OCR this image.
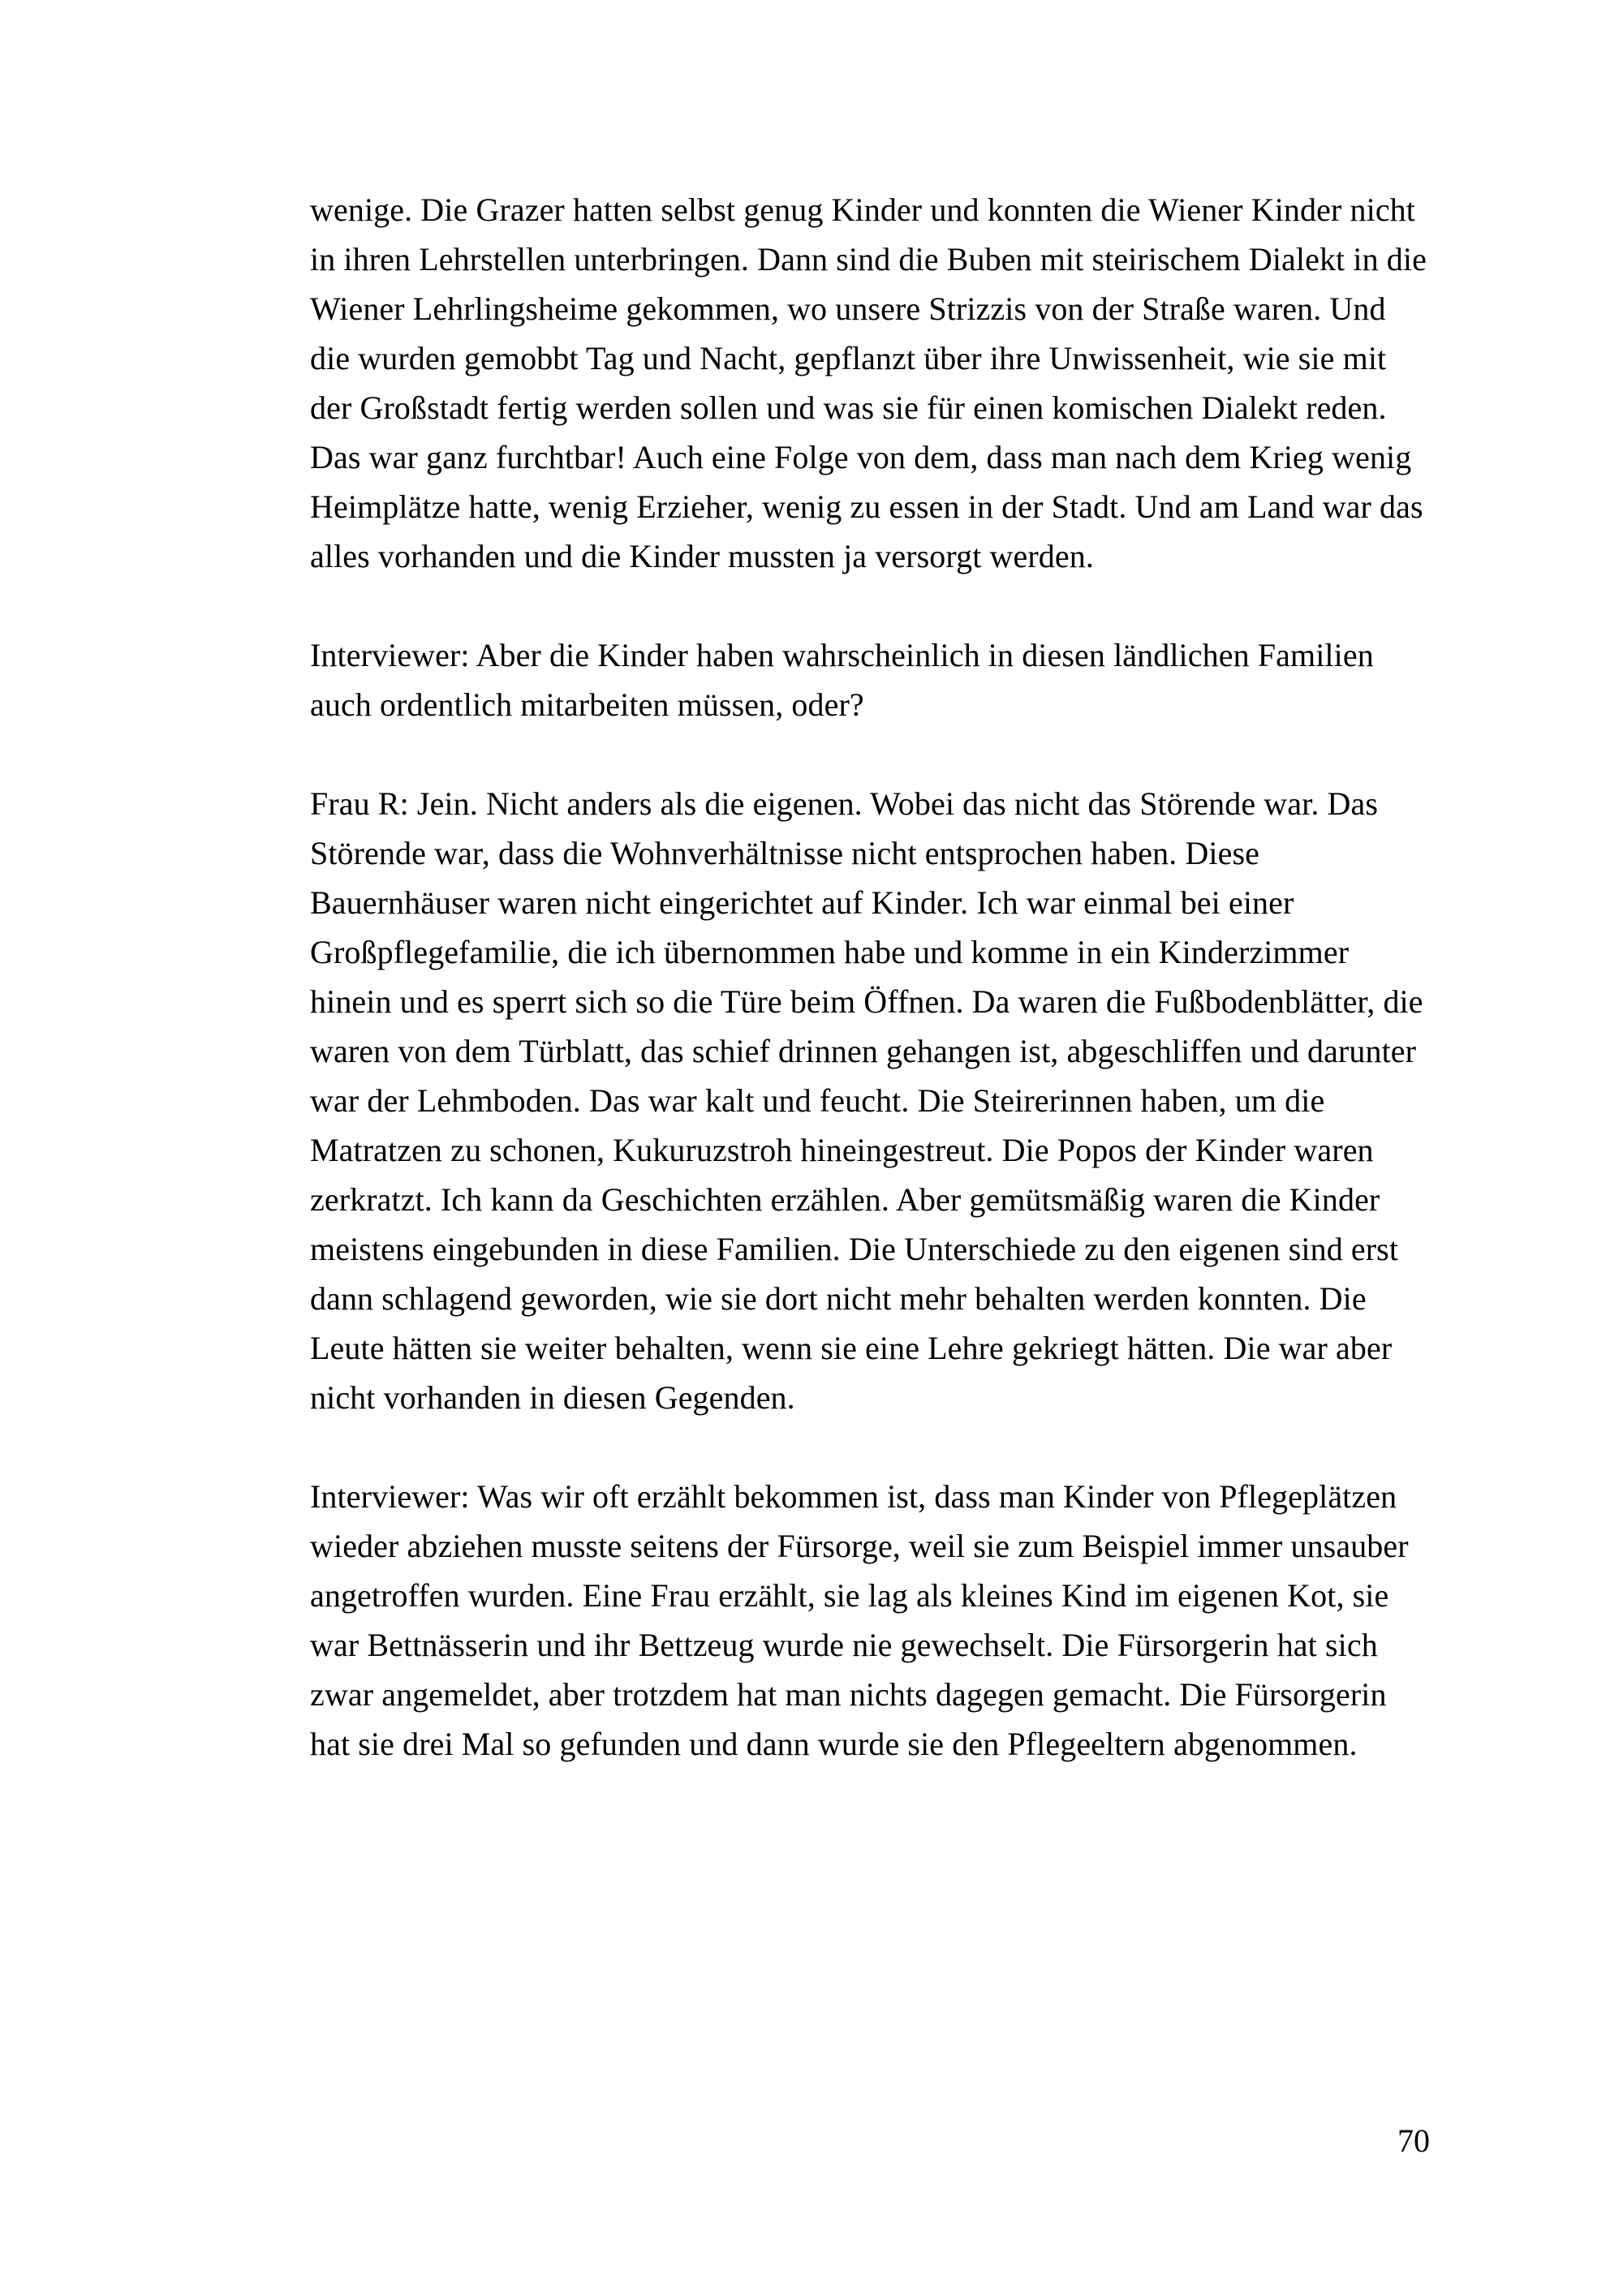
wenige. Die Grazer hatten selbst genug Kinder und konnten die Wiener Kinder nicht in ihren Lehrstellen unterbringen. Dann sind die Buben mit steirischem Dialekt in die Wiener Lehrlingsheime gekommen, wo unsere Strizzis von der Straße waren. Und die wurden gemobbt Tag und Nacht, gepflanzt über ihre Unwissenheit, wie sie mit der Großstadt fertig werden sollen und was sie für einen komischen Dialekt reden. Das war ganz furchtbar! Auch eine Folge von dem, dass man nach dem Krieg wenig Heimplätze hatte, wenig Erzieher, wenig zu essen in der Stadt. Und am Land war das alles vorhanden und die Kinder mussten ja versorgt werden.

Interviewer: Aber die Kinder haben wahrscheinlich in diesen ländlichen Familien auch ordentlich mitarbeiten müssen, oder?

Frau R: Jein. Nicht anders als die eigenen. Wobei das nicht das Störende war. Das Störende war, dass die Wohnverhältnisse nicht entsprochen haben. Diese Bauernhäuser waren nicht eingerichtet auf Kinder. Ich war einmal bei einer Großpflegefamilie, die ich übernommen habe und komme in ein Kinderzimmer hinein und es sperrt sich so die Türe beim Öffnen. Da waren die Fußbodenblätter, die waren von dem Türblatt, das schief drinnen gehangen ist, abgeschliffen und darunter war der Lehmboden. Das war kalt und feucht. Die Steirerinnen haben, um die Matratzen zu schonen, Kukuruzstroh hineingestreut. Die Popos der Kinder waren zerkratzt. Ich kann da Geschichten erzählen. Aber gemütsmäßig waren die Kinder meistens eingebunden in diese Familien. Die Unterschiede zu den eigenen sind erst dann schlagend geworden, wie sie dort nicht mehr behalten werden konnten. Die Leute hätten sie weiter behalten, wenn sie eine Lehre gekriegt hätten. Die war aber nicht vorhanden in diesen Gegenden.

Interviewer: Was wir oft erzählt bekommen ist, dass man Kinder von Pflegeplätzen wieder abziehen musste seitens der Fürsorge, weil sie zum Beispiel immer unsauber angetroffen wurden. Eine Frau erzählt, sie lag als kleines Kind im eigenen Kot, sie war Bettnässerin und ihr Bettzeug wurde nie gewechselt. Die Fürsorgerin hat sich zwar angemeldet, aber trotzdem hat man nichts dagegen gemacht. Die Fürsorgerin hat sie drei Mal so gefunden und dann wurde sie den Pflegeeltern abgenommen.

70
